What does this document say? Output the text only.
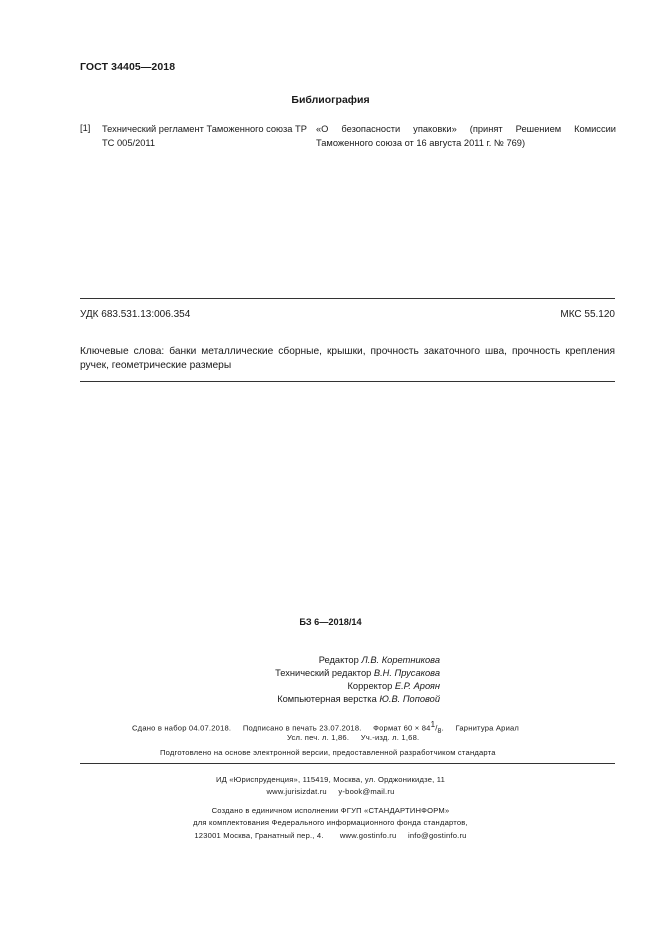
ГОСТ 34405—2018
Библиография
[1] Технический регламент Таможенного союза ТР ТС 005/2011
«О безопасности упаковки» (принят Решением Комиссии Таможенного союза от 16 августа 2011 г. № 769)
УДК 683.531.13:006.354	МКС 55.120
Ключевые слова: банки металлические сборные, крышки, прочность закаточного шва, прочность крепления ручек, геометрические размеры
БЗ 6—2018/14
Редактор Л.В. Коретникова
Технический редактор В.Н. Прусакова
Корректор Е.Р. Ароян
Компьютерная верстка Ю.В. Поповой
Сдано в набор 04.07.2018. Подписано в печать 23.07.2018. Формат $60 \times 84^1/_8$.     Гарнитура Ариал
Усл. печ. л. 1,86. Уч.-изд. л. 1,68.
Подготовлено на основе электронной версии, предоставленной разработчиком стандарта
ИД «Юриспруденция», 115419, Москва, ул. Орджоникидзе, 11
www.jurisizdat.ru y-book@mail.ru
Создано в единичном исполнении ФГУП «СТАНДАРТИНФОРМ»
для комплектования Федерального информационного фонда стандартов,
123001 Москва, Гранатный пер., 4. www.gostinfo.ru info@gostinfo.ru
